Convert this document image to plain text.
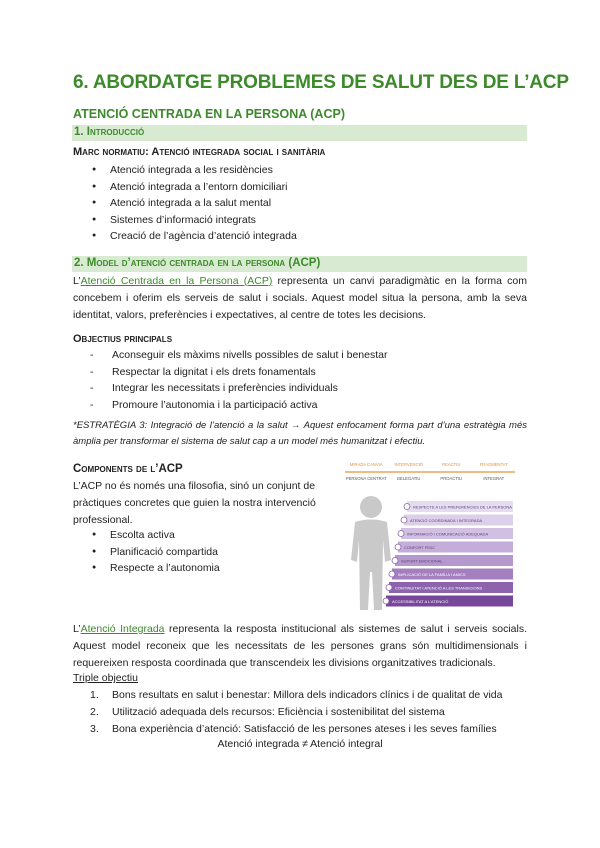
6. ABORDATGE PROBLEMES DE SALUT DES DE L’ACP
ATENCIÓ CENTRADA EN LA PERSONA (ACP)
1. Introducció
Marc normatiu: Atenció integrada social i sanitària
● Atenció integrada a les residències
● Atenció integrada a l’entorn domiciliari
● Atenció integrada a la salut mental
● Sistemes d’informació integrats
● Creació de l’agència d’atenció integrada
2. Model d’atenció centrada en la persona (ACP)
L’Atenció Centrada en la Persona (ACP) representa un canvi paradigmàtic en la forma com concebem i oferim els serveis de salut i socials. Aquest model situa la persona, amb la seva identitat, valors, preferències i expectatives, al centre de totes les decisions.
Objectius principals
- Aconseguir els màxims nivells possibles de salut i benestar
- Respectar la dignitat i els drets fonamentals
- Integrar les necessitats i preferències individuals
- Promoure l’autonomia i la participació activa
*ESTRATÈGIA 3: Integració de l’atenció a la salut → Aquest enfocament forma part d’una estratègia més àmplia per transformar el sistema de salut cap a un model més humanitzat i efectiu.
Components de l’ACP
L’ACP no és només una filosofia, sinó un conjunt de pràctiques concretes que guien la nostra intervenció professional.
● Escolta activa
● Planificació compartida
● Respecte a l’autonomia
MIRADA CANVIA	INTERVENCIÓ	REACTIU	FRAGMENTAT
PERSONA CENTRAT DELEGATIU	PROACTIU	INTEGRAT
RESPECTE A LES PREFERÈNCIES DE LA PERSONA
ATENCIÓ COORDINADA I INTEGRADA
INFORMACIÓ I COMUNICACIÓ ADEQUADA
CONFORT FÍSIC
SUPORT EMOCIONAL
IMPLICACIÓ DE LA FAMÍLIA I AMICS
CONTINUITAT I ATENCIÓ A LES TRANSICIONS
ACCESSIBILITAT A L’ATENCIÓ
L’Atenció Integrada representa la resposta institucional als sistemes de salut i serveis socials. Aquest model reconeix que les necessitats de les persones grans són multidimensionals i requereixen resposta coordinada que transcendeix les divisions organitzatives tradicionals.
Triple objectiu
1. Bons resultats en salut i benestar: Millora dels indicadors clínics i de qualitat de vida
2. Utilització adequada dels recursos: Eficiència i sostenibilitat del sistema
3. Bona experiència d’atenció: Satisfacció de les persones ateses i les seves famílies
Atenció integrada ≠ Atenció integral
